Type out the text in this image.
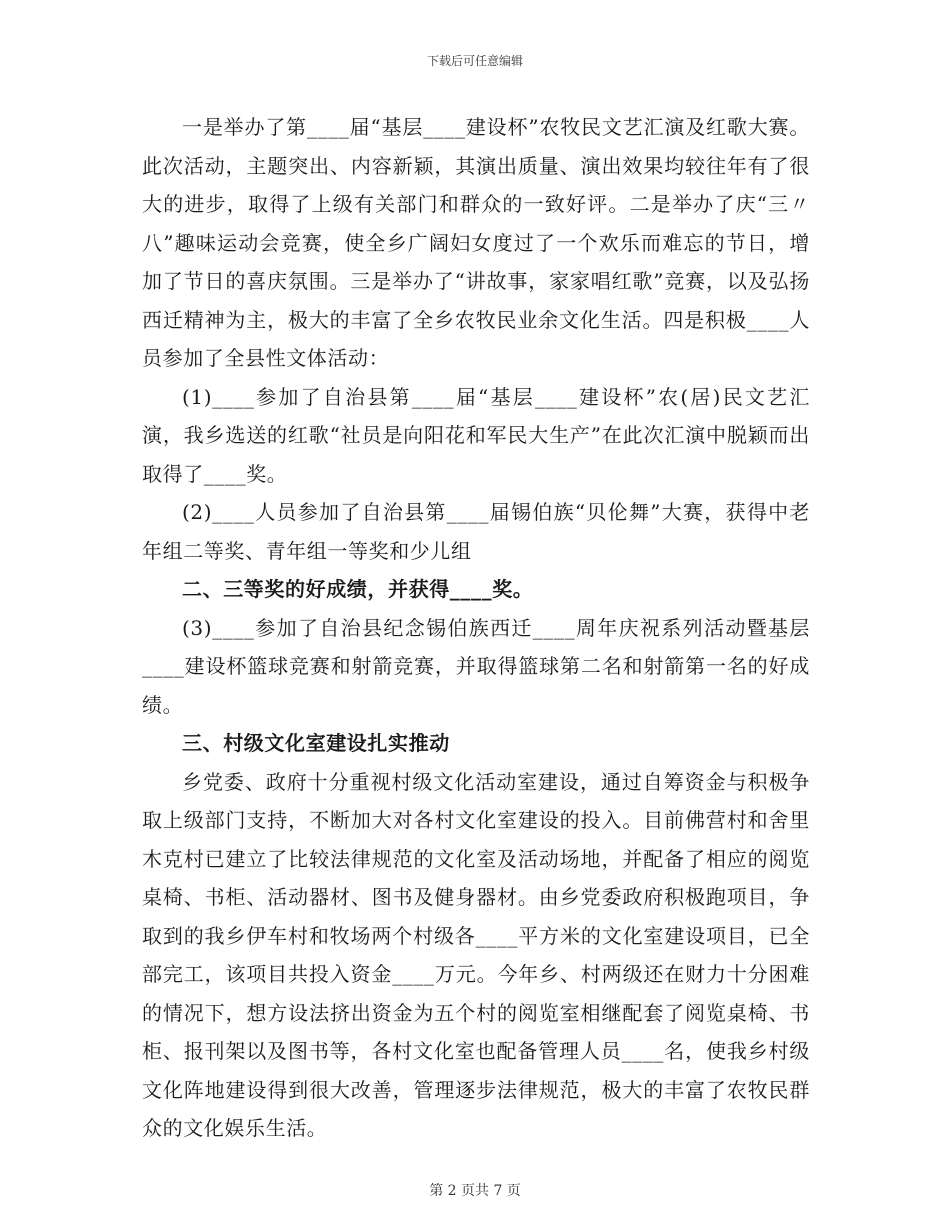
下载后可任意编辑

一是举办了第____届“基层____建设杯”农牧民文艺汇演及红歌大赛。此次活动，主题突出、内容新颖，其演出质量、演出效果均较往年有了很大的进步，取得了上级有关部门和群众的一致好评。二是举办了庆“三〃八”趣味运动会竞赛，使全乡广阔妇女度过了一个欢乐而难忘的节日，增加了节日的喜庆氛围。三是举办了“讲故事，家家唱红歌”竞赛，以及弘扬西迁精神为主，极大的丰富了全乡农牧民业余文化生活。四是积极____人员参加了全县性文体活动：

(1)____参加了自治县第____届“基层____建设杯”农(居)民文艺汇演，我乡选送的红歌“社员是向阳花和军民大生产”在此次汇演中脱颖而出取得了____奖。

(2)____人员参加了自治县第____届锡伯族“贝伦舞”大赛，获得中老年组二等奖、青年组一等奖和少儿组

二、三等奖的好成绩，并获得____奖。

(3)____参加了自治县纪念锡伯族西迁____周年庆祝系列活动暨基层____建设杯篮球竞赛和射箭竞赛，并取得篮球第二名和射箭第一名的好成绩。

三、村级文化室建设扎实推动

乡党委、政府十分重视村级文化活动室建设，通过自筹资金与积极争取上级部门支持，不断加大对各村文化室建设的投入。目前佛营村和舍里木克村已建立了比较法律规范的文化室及活动场地，并配备了相应的阅览桌椅、书柜、活动器材、图书及健身器材。由乡党委政府积极跑项目，争取到的我乡伊车村和牧场两个村级各____平方米的文化室建设项目，已全部完工，该项目共投入资金____万元。今年乡、村两级还在财力十分困难的情况下，想方设法挤出资金为五个村的阅览室相继配套了阅览桌椅、书柜、报刊架以及图书等，各村文化室也配备管理人员____名，使我乡村级文化阵地建设得到很大改善，管理逐步法律规范，极大的丰富了农牧民群众的文化娱乐生活。

第 2 页共 7 页
